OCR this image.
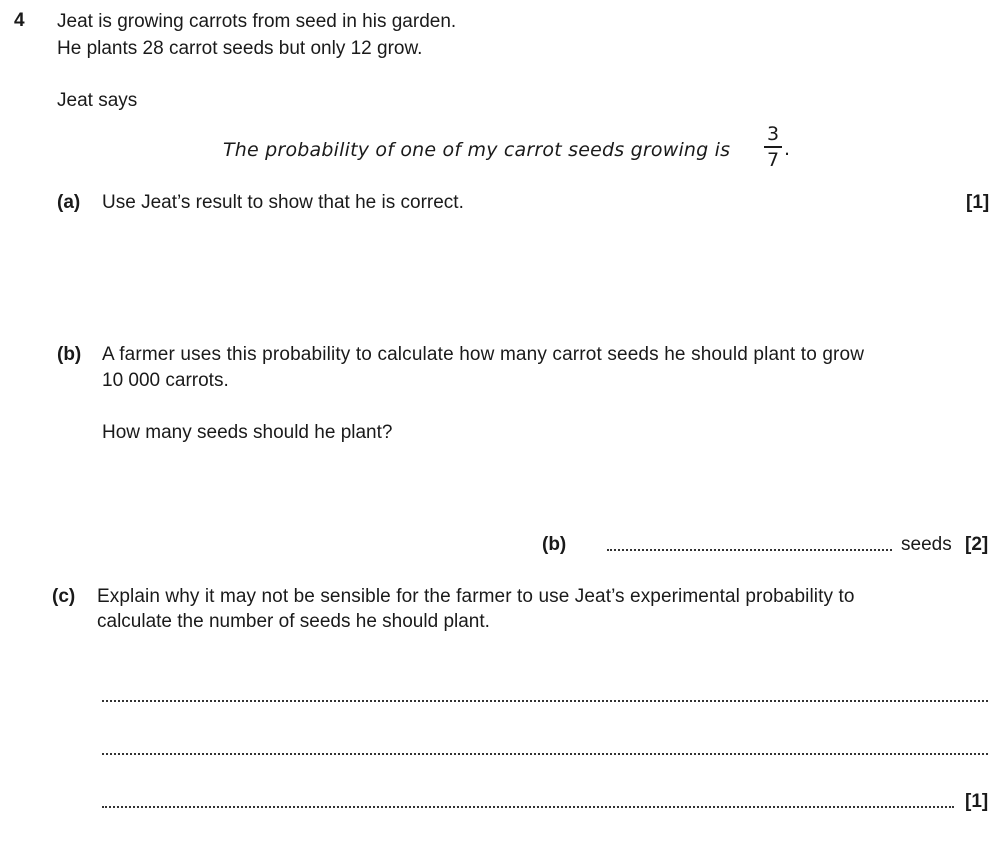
4 Jeat is growing carrots from seed in his garden.
He plants 28 carrot seeds but only 12 grow.
Jeat says
The probability of one of my carrot seeds growing is
3
7 .
(a) Use Jeat’s result to show that he is correct.	[1]
(b) A farmer uses this probability to calculate how many carrot seeds he should plant to grow
10 000 carrots.
How many seeds should he plant?
(b)	seeds [2]
(c) Explain why it may not be sensible for the farmer to use Jeat’s experimental probability to
calculate the number of seeds he should plant.
[1]
